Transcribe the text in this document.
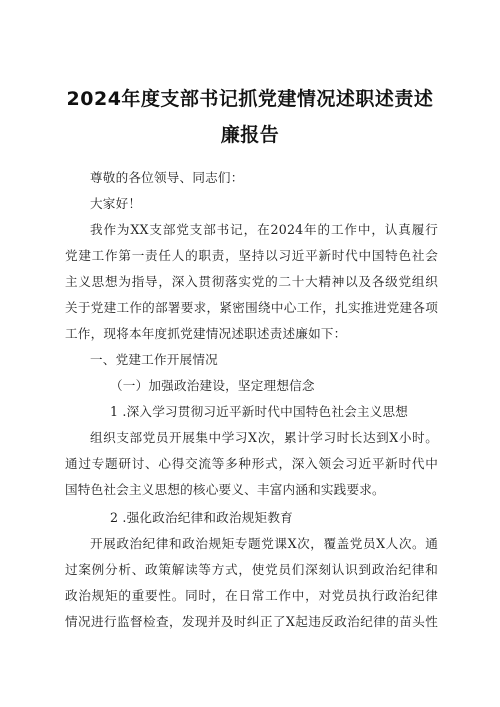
2024年度支部书记抓党建情况述职述责述
廉报告
尊敬的各位领导、同志们：
大家好！
我作为XX支部党支部书记，在2024年的工作中，认真履行
党建工作第一责任人的职责，坚持以习近平新时代中国特色社会
主义思想为指导，深入贯彻落实党的二十大精神以及各级党组织
关于党建工作的部署要求，紧密围绕中心工作，扎实推进党建各项
工作，现将本年度抓党建情况述职述责述廉如下：
一、党建工作开展情况
（一）加强政治建设，坚定理想信念
1 .深入学习贯彻习近平新时代中国特色社会主义思想
组织支部党员开展集中学习X次，累计学习时长达到X小时。
通过专题研讨、心得交流等多种形式，深入领会习近平新时代中
国特色社会主义思想的核心要义、丰富内涵和实践要求。
2 .强化政治纪律和政治规矩教育
开展政治纪律和政治规矩专题党课X次，覆盖党员X人次。通
过案例分析、政策解读等方式，使党员们深刻认识到政治纪律和
政治规矩的重要性。同时，在日常工作中，对党员执行政治纪律
情况进行监督检查，发现并及时纠正了X起违反政治纪律的苗头性
